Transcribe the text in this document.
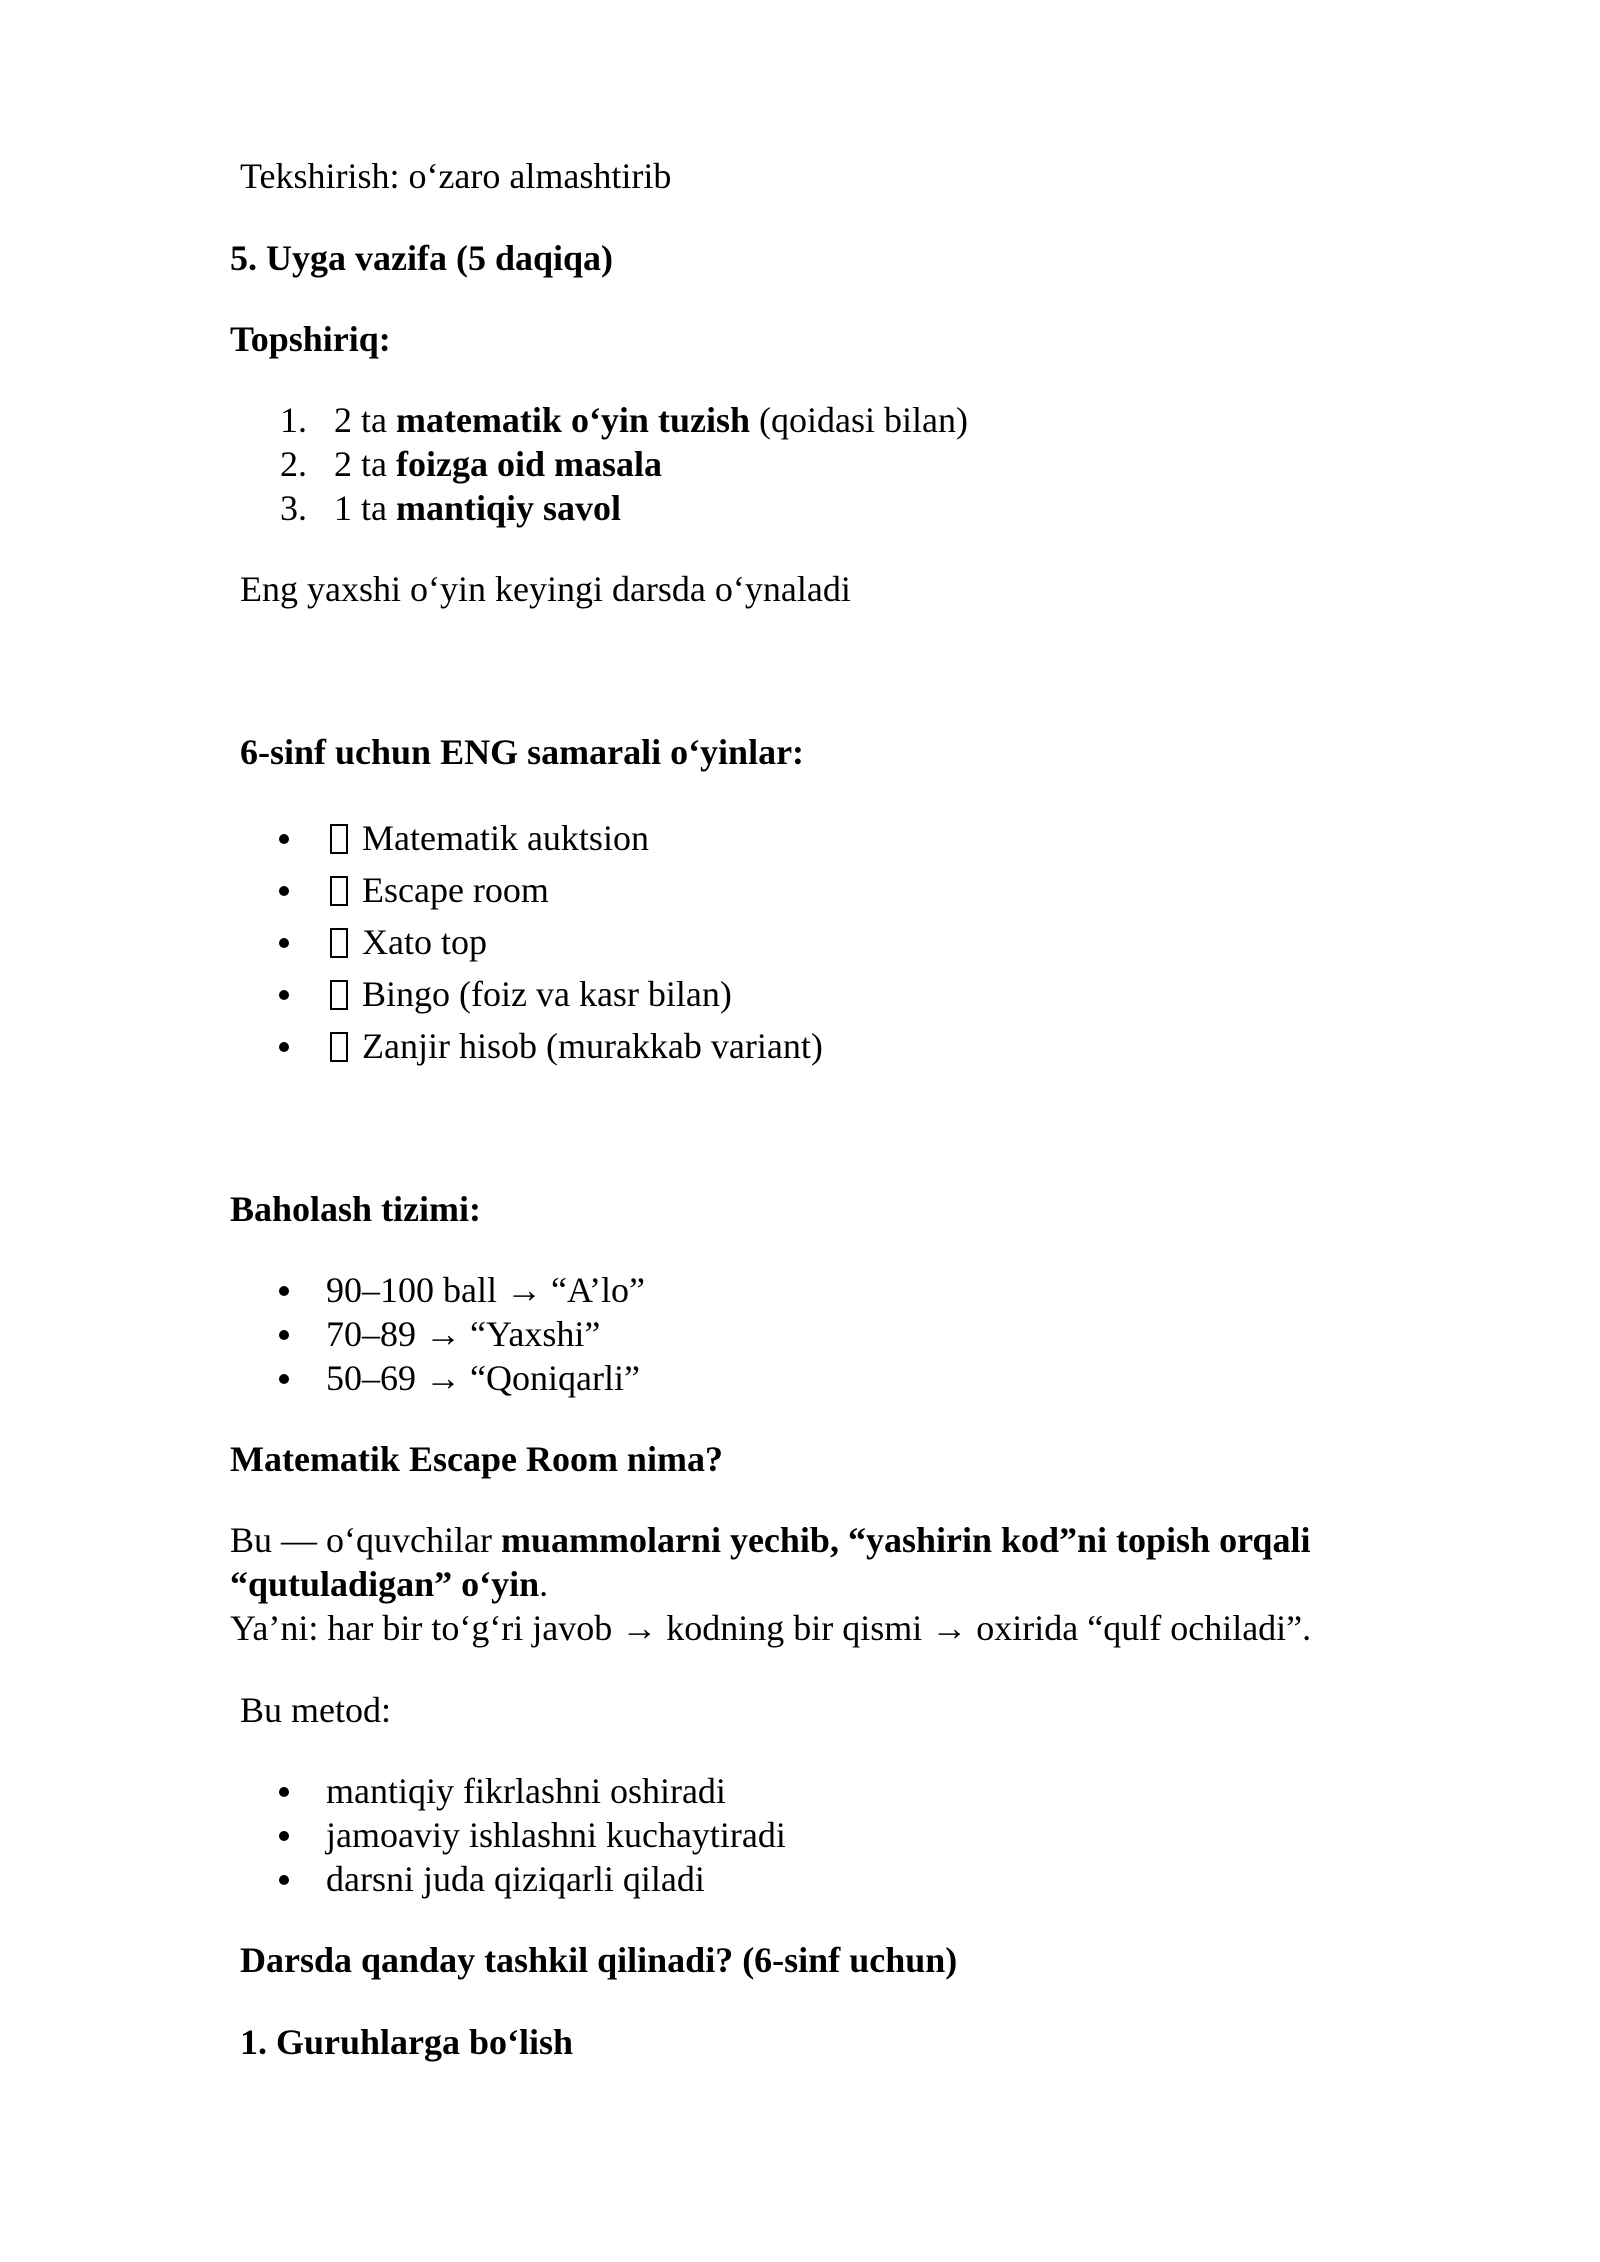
Tekshirish: o‘zaro almashtirib
5. Uyga vazifa (5 daqiqa)
Topshiriq:
1. 2 ta matematik o‘yin tuzish (qoidasi bilan)
2. 2 ta foizga oid masala
3. 1 ta mantiqiy savol
Eng yaxshi o‘yin keyingi darsda o‘ynaladi
6-sinf uchun ENG samarali o‘yinlar:
Matematik auktsion
Escape room
Xato top
Bingo (foiz va kasr bilan)
Zanjir hisob (murakkab variant)
Baholash tizimi:
90–100 ball → “A’lo”
70–89 → “Yaxshi”
50–69 → “Qoniqarli”
Matematik Escape Room nima?
Bu — o‘quvchilar muammolarni yechib, “yashirin kod”ni topish orqali
“qutuladigan” o‘yin.
Ya’ni: har bir to‘g‘ri javob → kodning bir qismi → oxirida “qulf ochiladi”.
Bu metod:
mantiqiy fikrlashni oshiradi
jamoaviy ishlashni kuchaytiradi
darsni juda qiziqarli qiladi
Darsda qanday tashkil qilinadi? (6-sinf uchun)
1. Guruhlarga bo‘lish
